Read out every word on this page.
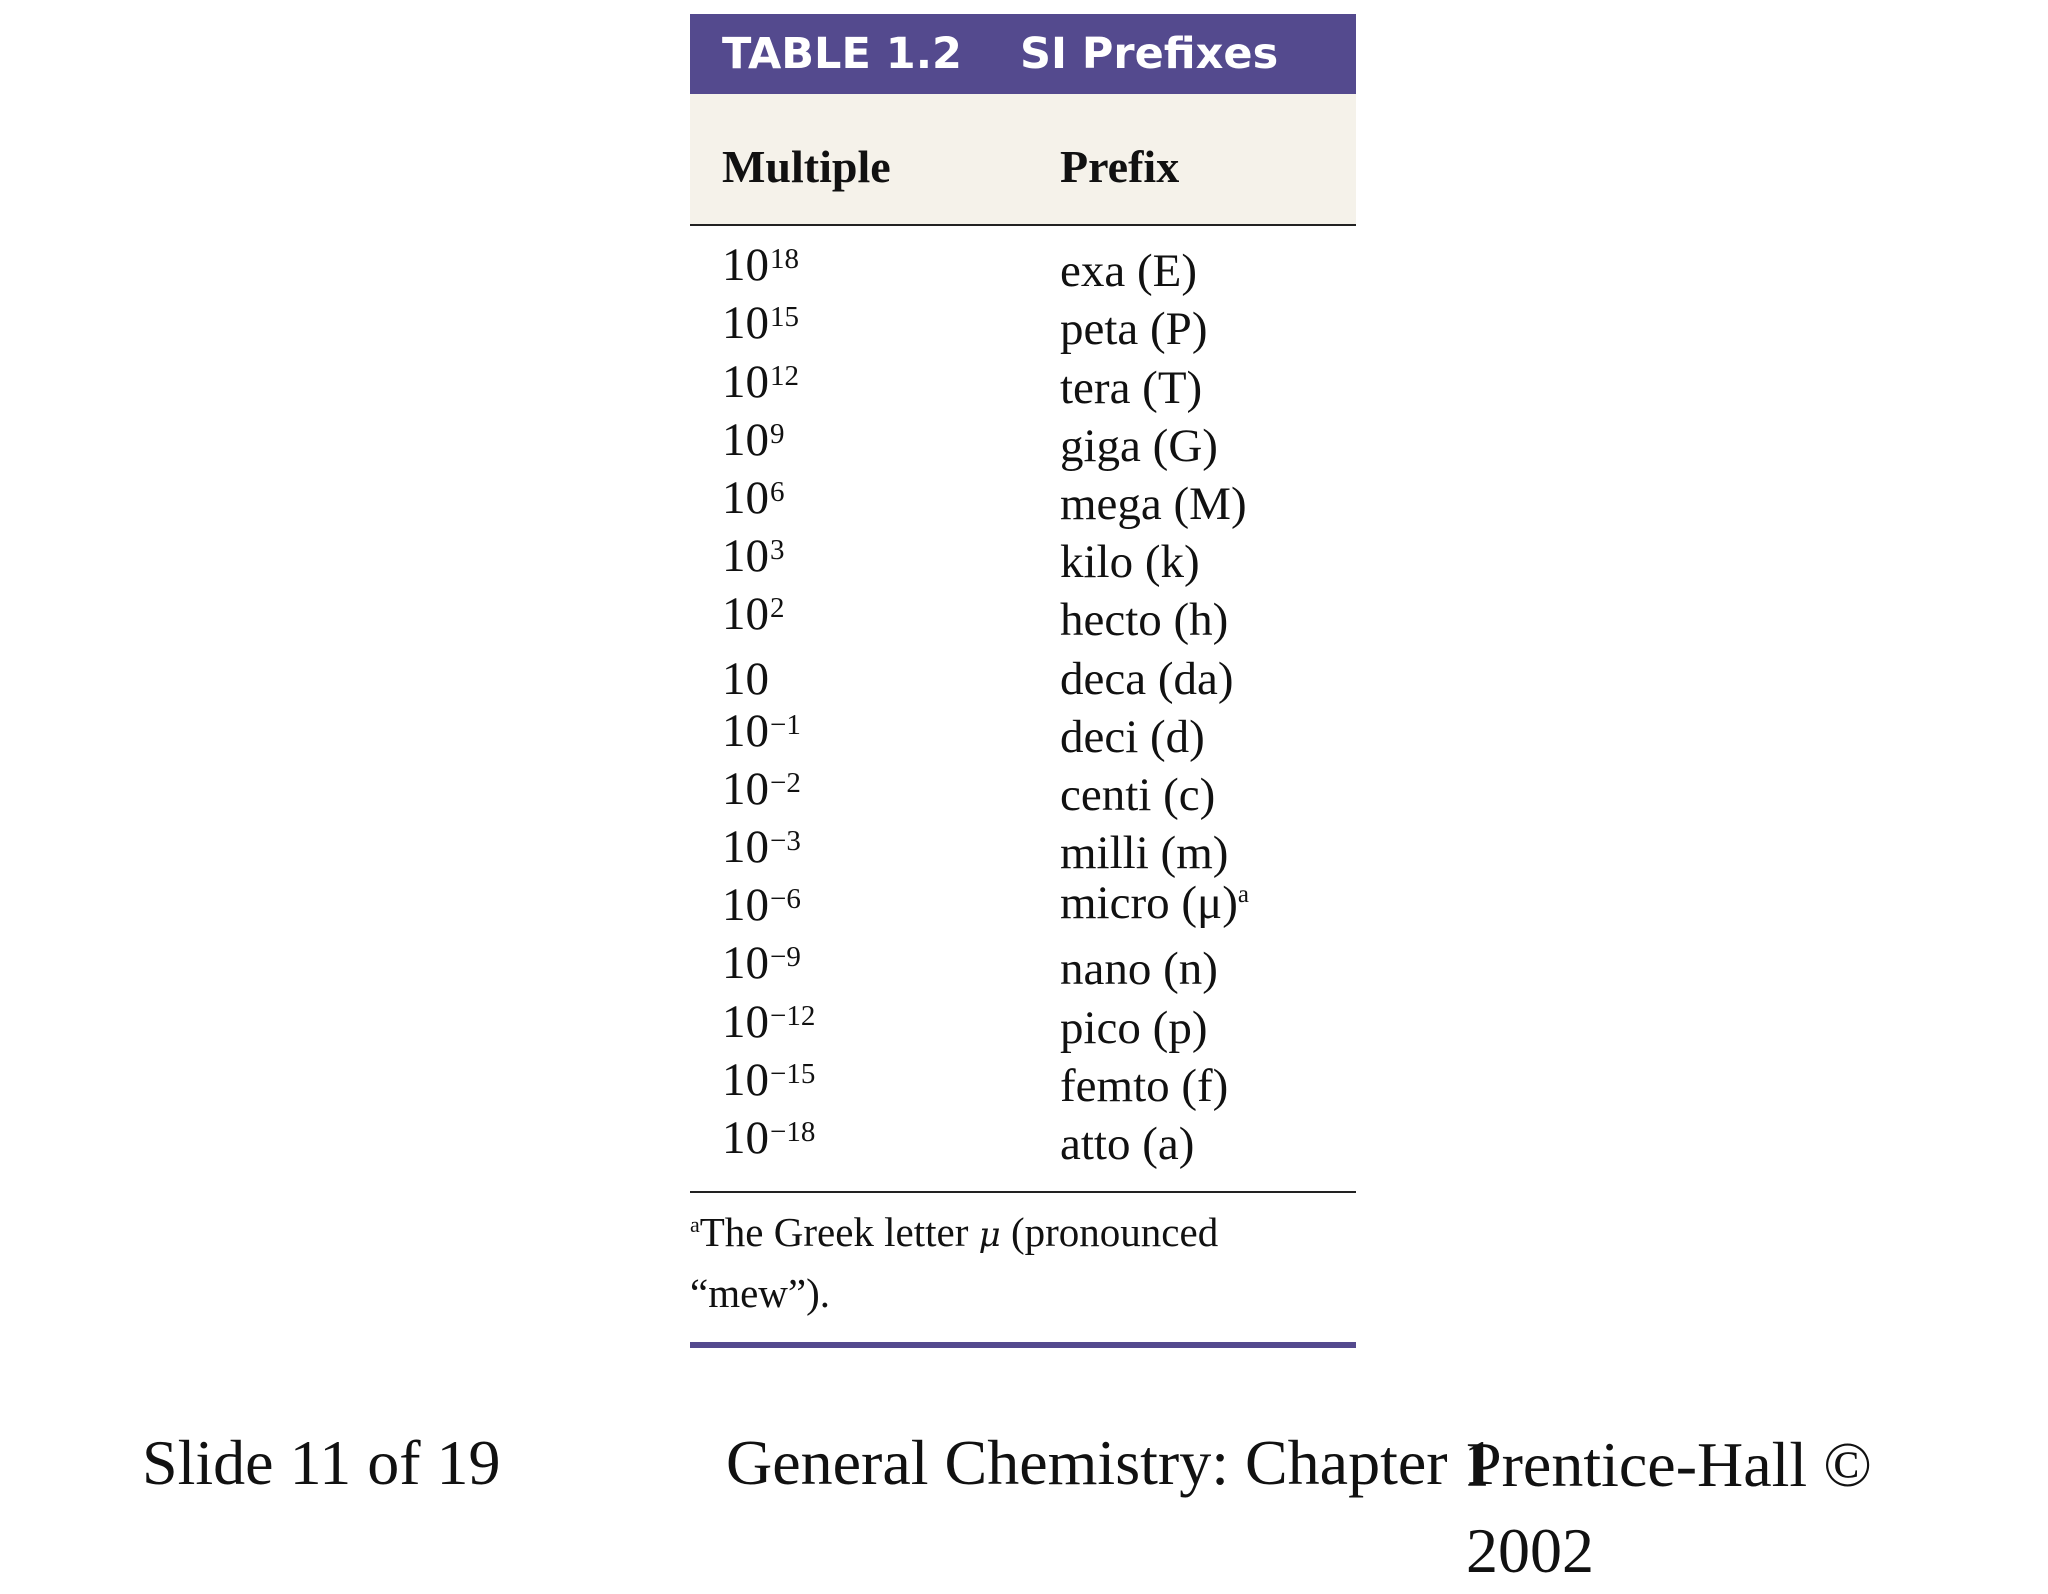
TABLE 1.2 SI Prefixes
Multiple	Prefix
$10^{18}$	exa (E)
$10^{15}$	peta (P)
$10^{12}$	tera (T)
$10^9$	giga (G)
$10^6$	mega (M)
$10^3$	kilo (k)
$10^2$	hecto (h)
10	deca (da)
$10^{-1}$	deci (d)
$10^{-2}$	centi (c)
$10^{-3}$	milli (m)
$10^{-6}$	micro $(\mu)^a$
$10^{-9}$	nano (n)
$10^{-12}$	pico (p)
$10^{-15}$	femto (f)
$10^{-18}$	atto (a)
$^a$The Greek letter μ (pronounced
“mew”).
Slide 11 of 19	General Chemistry: Chapter 1
Prentice-Hall © 2002
